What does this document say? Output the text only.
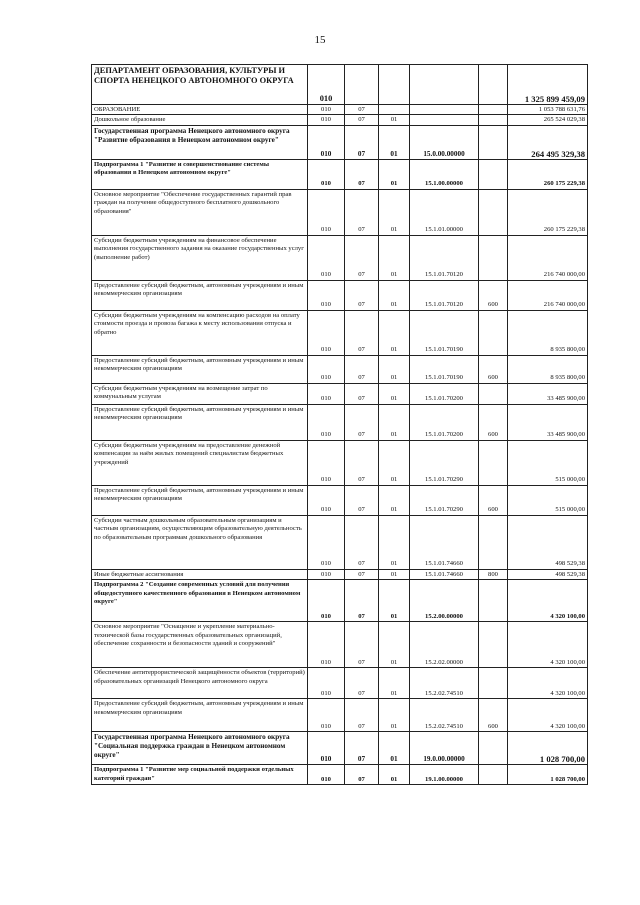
15
ДЕПАРТАМЕНТ ОБРАЗОВАНИЯ, КУЛЬТУРЫ И СПОРТА НЕНЕЦКОГО АВТОНОМНОГО ОКРУГА	010					1 325 899 459,09
ОБРАЗОВАНИЕ	010	07				1 053 788 631,76
Дошкольное образование	010	07	01			265 524 029,38
Государственная программа Ненецкого автономного округа "Развитие образования в Ненецком автономном округе"	010	07	01	15.0.00.00000		264 495 329,38
Подпрограмма 1 "Развитие и совершенствование системы образования в Ненецком автономном округе"	010	07	01	15.1.00.00000		260 175 229,38
Основное мероприятие "Обеспечение государственных гарантий прав граждан на получение общедоступного бесплатного дошкольного образования"	010	07	01	15.1.01.00000		260 175 229,38
Субсидии бюджетным учреждениям на финансовое обеспечение выполнения государственного задания на оказание государственных услуг (выполнение работ)	010	07	01	15.1.01.70120		216 740 000,00
Предоставление субсидий бюджетным, автономным учреждениям и иным некоммерческим организациям	010	07	01	15.1.01.70120	600	216 740 000,00
Субсидии бюджетным учреждениям на компенсацию расходов на оплату стоимости проезда и провоза багажа к месту использования отпуска и обратно	010	07	01	15.1.01.70190		8 935 800,00
Предоставление субсидий бюджетным, автономным учреждениям и иным некоммерческим организациям	010	07	01	15.1.01.70190	600	8 935 800,00
Субсидии бюджетным учреждениям на возмещение затрат по коммунальным услугам	010	07	01	15.1.01.70200		33 485 900,00
Предоставление субсидий бюджетным, автономным учреждениям и иным некоммерческим организациям	010	07	01	15.1.01.70200	600	33 485 900,00
Субсидии бюджетным учреждениям на предоставление денежной компенсации за наём жилых помещений специалистам бюджетных учреждений	010	07	01	15.1.01.70290		515 000,00
Предоставление субсидий бюджетным, автономным учреждениям и иным некоммерческим организациям	010	07	01	15.1.01.70290	600	515 000,00
Субсидии частным дошкольным образовательным организациям и частным организациям, осуществляющим образовательную деятельность по образовательным программам дошкольного образования	010	07	01	15.1.01.74660		498 529,38
Иные бюджетные ассигнования	010	07	01	15.1.01.74660	800	498 529,38
Подпрограмма 2 "Создание современных условий для получения общедоступного качественного образования в Ненецком автономном округе"	010	07	01	15.2.00.00000		4 320 100,00
Основное мероприятие "Оснащение и укрепление материально-технической базы государственных образовательных организаций, обеспечение сохранности и безопасности зданий и сооружений"	010	07	01	15.2.02.00000		4 320 100,00
Обеспечение антитеррористической защищённости объектов (территорий) образовательных организаций Ненецкого автономного округа	010	07	01	15.2.02.74510		4 320 100,00
Предоставление субсидий бюджетным, автономным учреждениям и иным некоммерческим организациям	010	07	01	15.2.02.74510	600	4 320 100,00
Государственная программа Ненецкого автономного округа "Социальная поддержка граждан в Ненецком автономном округе"	010	07	01	19.0.00.00000		1 028 700,00
Подпрограмма 1 "Развитие мер социальной поддержки отдельных категорий граждан"	010	07	01	19.1.00.00000		1 028 700,00
